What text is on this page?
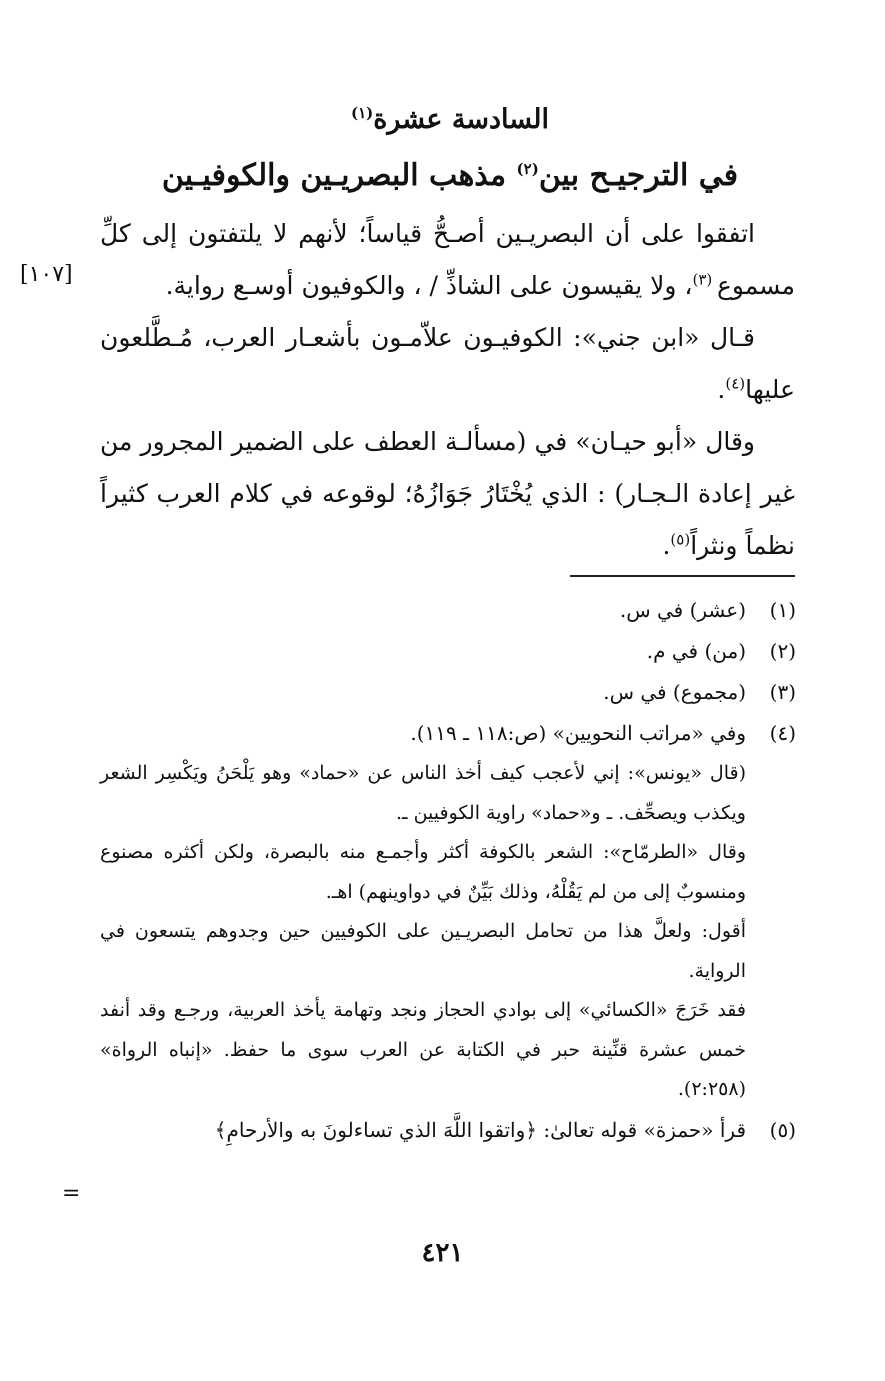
السادسة عشرة$^{(١)}$
في الترجيـح بين$^{(٢)}$ مذهب البصريـين والكوفيـين

اتفقوا على أن البصريـين أصـحُّ قياساً؛ لأنهم لا يلتفتون إلى كلِّ مسموع $^{(٣)}$، ولا يقيسون على الشاذِّ / ، والكوفيون أوسـع رواية.

قـال «ابن جني»: الكوفيـون علاّمـون بأشعـار العرب، مُـطَّلعون عليها$^{(٤)}$.

وقال «أبو حيـان» في (مسألـة العطف على الضمير المجرور من غير إعادة الـجـار) : الذي يُخْتَارُ جَوَازُهُ؛ لوقوعه في كلام العرب كثيراً نظماً ونثراً$^{(٥)}$.

[١٠٧]
(١)
(عشر) في س.
(٢)
(من) في م.
(٣)
(مجموع) في س.
(٤)
وفي «مراتب النحويين» (ص:١١٨ ـ ١١٩).

(قال «يونس»: إني لأعجب كيف أخذ الناس عن «حماد» وهو يَلْحَنُ ويَكْسِر الشعر ويكذب ويصحِّف. ـ و«حماد» راوية الكوفيين ـ.

وقال «الطرمّاح»: الشعر بالكوفة أكثر وأجمـع منه بالبصرة، ولكن أكثره مصنوع ومنسوبٌ إلى من لم يَقُلْهُ، وذلك بَيِّنٌ في دواوينهم) اهـ.

أقول: ولعلَّ هذا من تحامل البصريـين على الكوفيين حين وجدوهم يتسعون في الرواية.

فقد خَرَجَ «الكسائي» إلى بوادي الحجاز ونجد وتهامة يأخذ العربية، ورجـع وقد أنفد خمس عشرة قنِّينة حبر في الكتابة عن العرب سوى ما حفظ. «إنباه الرواة» (٢:٢٥٨).

(٥)
قرأ «حمزة» قوله تعالىٰ: ﴿واتقوا اللَّهَ الذي تساءلونَ به والأرحامِ﴾
=
٤٢١
